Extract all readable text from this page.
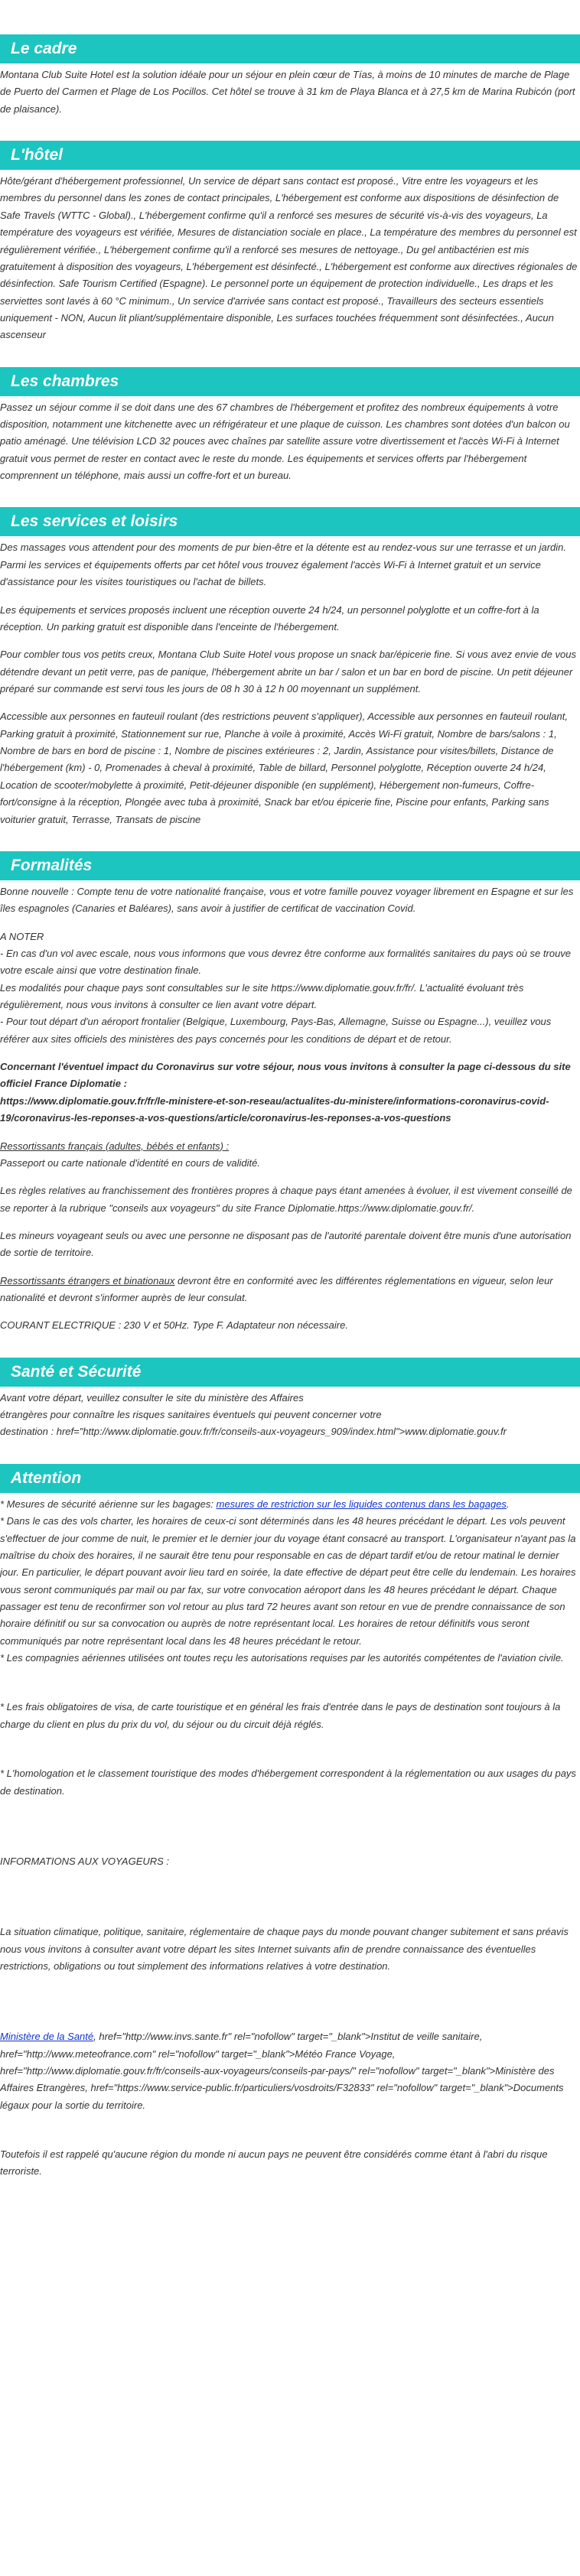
Le cadre

Montana Club Suite Hotel est la solution idéale pour un séjour en plein cœur de Tías, à moins de 10 minutes de marche de Plage de Puerto del Carmen et Plage de Los Pocillos. Cet hôtel se trouve à 31 km de Playa Blanca et à 27,5 km de Marina Rubicón (port de plaisance).

L'hôtel

Hôte/gérant d'hébergement professionnel, Un service de départ sans contact est proposé., Vitre entre les voyageurs et les membres du personnel dans les zones de contact principales, L'hébergement est conforme aux dispositions de désinfection de Safe Travels (WTTC - Global)., L'hébergement confirme qu'il a renforcé ses mesures de sécurité vis-à-vis des voyageurs, La température des voyageurs est vérifiée, Mesures de distanciation sociale en place., La température des membres du personnel est régulièrement vérifiée., L'hébergement confirme qu'il a renforcé ses mesures de nettoyage., Du gel antibactérien est mis gratuitement à disposition des voyageurs, L'hébergement est désinfecté., L'hébergement est conforme aux directives régionales de désinfection. Safe Tourism Certified (Espagne). Le personnel porte un équipement de protection individuelle., Les draps et les serviettes sont lavés à 60 °C minimum., Un service d'arrivée sans contact est proposé., Travailleurs des secteurs essentiels uniquement - NON, Aucun lit pliant/supplémentaire disponible, Les surfaces touchées fréquemment sont désinfectées., Aucun ascenseur

Les chambres

Passez un séjour comme il se doit dans une des 67 chambres de l'hébergement et profitez des nombreux équipements à votre disposition, notamment une kitchenette avec un réfrigérateur et une plaque de cuisson. Les chambres sont dotées d'un balcon ou patio aménagé. Une télévision LCD 32 pouces avec chaînes par satellite assure votre divertissement et l'accès Wi-Fi à Internet gratuit vous permet de rester en contact avec le reste du monde. Les équipements et services offerts par l'hébergement comprennent un téléphone, mais aussi un coffre-fort et un bureau.

Les services et loisirs

Des massages vous attendent pour des moments de pur bien-être et la détente est au rendez-vous sur une terrasse et un jardin. Parmi les services et équipements offerts par cet hôtel vous trouvez également l'accès Wi-Fi à Internet gratuit et un service d'assistance pour les visites touristiques ou l'achat de billets.

Les équipements et services proposés incluent une réception ouverte 24 h/24, un personnel polyglotte et un coffre-fort à la réception. Un parking gratuit est disponible dans l'enceinte de l'hébergement.

Pour combler tous vos petits creux, Montana Club Suite Hotel vous propose un snack bar/épicerie fine. Si vous avez envie de vous détendre devant un petit verre, pas de panique, l'hébergement abrite un bar / salon et un bar en bord de piscine. Un petit déjeuner préparé sur commande est servi tous les jours de 08 h 30 à 12 h 00 moyennant un supplément.

Accessible aux personnes en fauteuil roulant (des restrictions peuvent s'appliquer), Accessible aux personnes en fauteuil roulant, Parking gratuit à proximité, Stationnement sur rue, Planche à voile à proximité, Accès Wi-Fi gratuit, Nombre de bars/salons : 1, Nombre de bars en bord de piscine : 1, Nombre de piscines extérieures : 2, Jardin, Assistance pour visites/billets, Distance de l'hébergement (km) - 0, Promenades à cheval à proximité, Table de billard, Personnel polyglotte, Réception ouverte 24 h/24, Location de scooter/mobylette à proximité, Petit-déjeuner disponible (en supplément), Hébergement non-fumeurs, Coffre-fort/consigne à la réception, Plongée avec tuba à proximité, Snack bar et/ou épicerie fine, Piscine pour enfants, Parking sans voiturier gratuit, Terrasse, Transats de piscine

Formalités

Bonne nouvelle : Compte tenu de votre nationalité française, vous et votre famille pouvez voyager librement en Espagne et sur les îles espagnoles (Canaries et Baléares), sans avoir à justifier de certificat de vaccination Covid.

A NOTER
- En cas d'un vol avec escale, nous vous informons que vous devrez être conforme aux formalités sanitaires du pays où se trouve votre escale ainsi que votre destination finale.
Les modalités pour chaque pays sont consultables sur le site https://www.diplomatie.gouv.fr/fr/. L'actualité évoluant très régulièrement, nous vous invitons à consulter ce lien avant votre départ.
- Pour tout départ d'un aéroport frontalier (Belgique, Luxembourg, Pays-Bas, Allemagne, Suisse ou Espagne...), veuillez vous référer aux sites officiels des ministères des pays concernés pour les conditions de départ et de retour.

Concernant l'éventuel impact du Coronavirus sur votre séjour, nous vous invitons à consulter la page ci-dessous du site officiel France Diplomatie :
https://www.diplomatie.gouv.fr/fr/le-ministere-et-son-reseau/actualites-du-ministere/informations-coronavirus-covid-19/coronavirus-les-reponses-a-vos-questions/article/coronavirus-les-reponses-a-vos-questions

Ressortissants français (adultes, bébés et enfants) :
Passeport ou carte nationale d'identité en cours de validité.

Les règles relatives au franchissement des frontières propres à chaque pays étant amenées à évoluer, il est vivement conseillé de se reporter à la rubrique "conseils aux voyageurs" du site France Diplomatie.https://www.diplomatie.gouv.fr/.

Les mineurs voyageant seuls ou avec une personne ne disposant pas de l'autorité parentale doivent être munis d'une autorisation de sortie de territoire.

Ressortissants étrangers et binationaux devront être en conformité avec les différentes réglementations en vigueur, selon leur nationalité et devront s'informer auprès de leur consulat.

COURANT ELECTRIQUE : 230 V et 50Hz. Type F. Adaptateur non nécessaire.

Santé et Sécurité

Avant votre départ, veuillez consulter le site du ministère des Affaires
étrangères pour connaître les risques sanitaires éventuels qui peuvent concerner votre
destination : href="http://www.diplomatie.gouv.fr/fr/conseils-aux-voyageurs_909/index.html">www.diplomatie.gouv.fr

Attention

* Mesures de sécurité aérienne sur les bagages: mesures de restriction sur les liquides contenus dans les bagages.

* Dans le cas des vols charter, les horaires de ceux-ci sont déterminés dans les 48 heures précédant le départ. Les vols peuvent s'effectuer de jour comme de nuit, le premier et le dernier jour du voyage étant consacré au transport. L'organisateur n'ayant pas la maîtrise du choix des horaires, il ne saurait être tenu pour responsable en cas de départ tardif et/ou de retour matinal le dernier jour. En particulier, le départ pouvant avoir lieu tard en soirée, la date effective de départ peut être celle du lendemain. Les horaires vous seront communiqués par mail ou par fax, sur votre convocation aéroport dans les 48 heures précédant le départ. Chaque passager est tenu de reconfirmer son vol retour au plus tard 72 heures avant son retour en vue de prendre connaissance de son horaire définitif ou sur sa convocation ou auprès de notre représentant local. Les horaires de retour définitifs vous seront communiqués par notre représentant local dans les 48 heures précédant le retour.

* Les compagnies aériennes utilisées ont toutes reçu les autorisations requises par les autorités compétentes de l'aviation civile.

* Les frais obligatoires de visa, de carte touristique et en général les frais d'entrée dans le pays de destination sont toujours à la charge du client en plus du prix du vol, du séjour ou du circuit déjà réglés.

* L'homologation et le classement touristique des modes d'hébergement correspondent à la réglementation ou aux usages du pays de destination.

INFORMATIONS AUX VOYAGEURS :

La situation climatique, politique, sanitaire, réglementaire de chaque pays du monde pouvant changer subitement et sans préavis
nous vous invitons à consulter avant votre départ les sites Internet suivants afin de prendre connaissance des éventuelles restrictions, obligations ou tout simplement des informations relatives à votre destination.

Ministère de la Santé, href="http://www.invs.sante.fr" rel="nofollow" target="_blank">Institut de veille sanitaire, href="http://www.meteofrance.com" rel="nofollow" target="_blank">Météo France Voyage, href="http://www.diplomatie.gouv.fr/fr/conseils-aux-voyageurs/conseils-par-pays/" rel="nofollow" target="_blank">Ministère des Affaires Etrangères, href="https://www.service-public.fr/particuliers/vosdroits/F32833" rel="nofollow" target="_blank">Documents légaux pour la sortie du territoire.

Toutefois il est rappelé qu'aucune région du monde ni aucun pays ne peuvent être considérés comme étant à l'abri du risque terroriste.
